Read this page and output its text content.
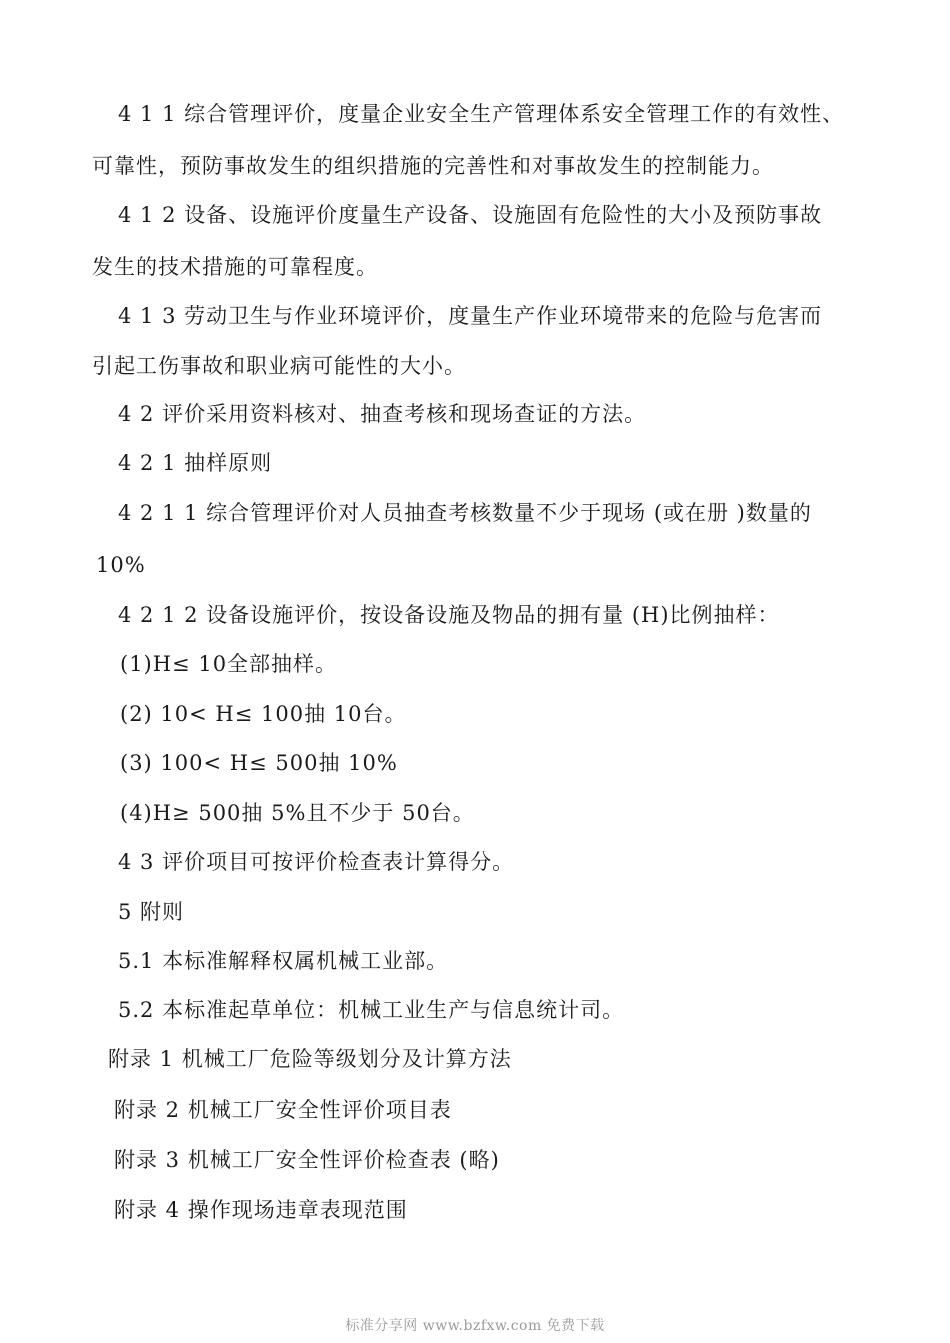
4 1 1 综合管理评价，度量企业安全生产管理体系安全管理工作的有效性、
可靠性，预防事故发生的组织措施的完善性和对事故发生的控制能力。
4 1 2 设备、设施评价度量生产设备、设施固有危险性的大小及预防事故
发生的技术措施的可靠程度。
4 1 3 劳动卫生与作业环境评价，度量生产作业环境带来的危险与危害而
引起工伤事故和职业病可能性的大小。
4 2 评价采用资料核对、抽查考核和现场查证的方法。
4 2 1 抽样原则
4 2 1 1 综合管理评价对人员抽查考核数量不少于现场 (或在册 )数量的
10%
4 2 1 2 设备设施评价，按设备设施及物品的拥有量 (H)比例抽样：
(1)H≤ 10全部抽样。
(2) 10< H≤ 100抽 10台。
(3) 100< H≤ 500抽 10%
(4)H≥ 500抽 5%且不少于 50台。
4 3 评价项目可按评价检查表计算得分。
5 附则
5.1 本标准解释权属机械工业部。
5.2 本标准起草单位：机械工业生产与信息统计司。
附录 1 机械工厂危险等级划分及计算方法
附录 2 机械工厂安全性评价项目表
附录 3 机械工厂安全性评价检查表 (略)
附录 4 操作现场违章表现范围
标准分享网 www.bzfxw.com 免费下载
